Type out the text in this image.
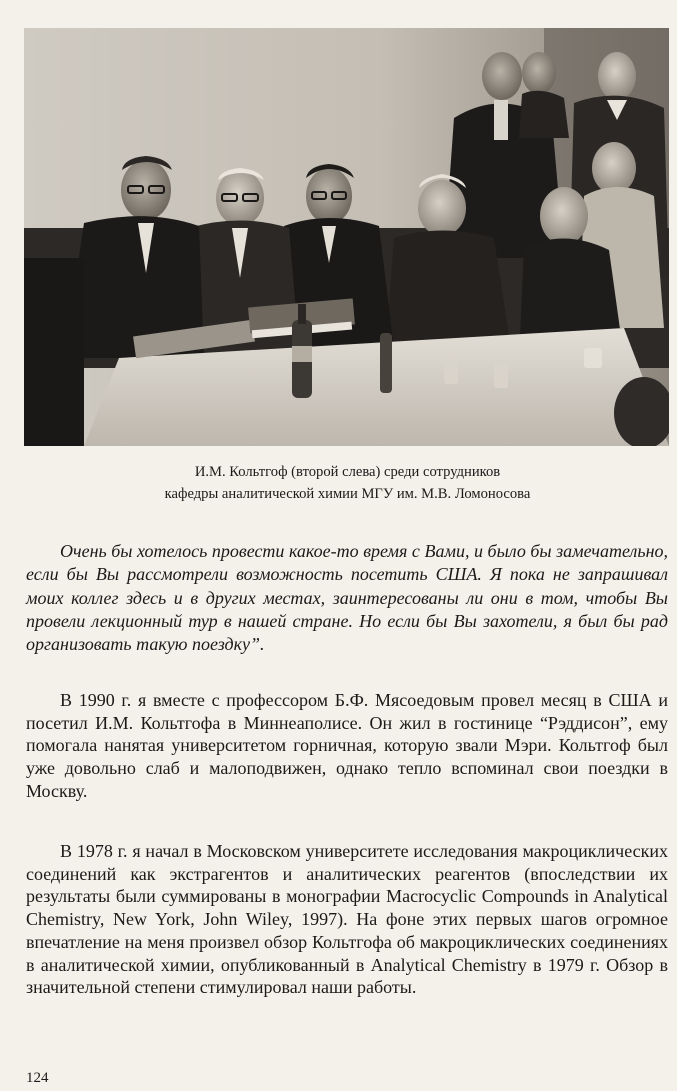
И.М. Кольтгоф (второй слева) среди сотрудников
кафедры аналитической химии МГУ им. М.В. Ломоносова

Очень бы хотелось провести какое-то время с Вами, и было бы замечательно, если бы Вы рассмотрели возможность посетить США. Я пока не запрашивал моих коллег здесь и в других местах, заинтересованы ли они в том, чтобы Вы провели лекционный тур в нашей стране. Но если бы Вы захотели, я был бы рад организовать такую поездку”.

В 1990 г. я вместе с профессором Б.Ф. Мясоедовым провел месяц в США и посетил И.М. Кольтгофа в Миннеаполисе. Он жил в гостинице “Рэддисон”, ему помогала нанятая университетом горничная, которую звали Мэри. Кольтгоф был уже довольно слаб и малоподвижен, однако тепло вспоминал свои поездки в Москву.

В 1978 г. я начал в Московском университете исследования макроциклических соединений как экстрагентов и аналитических реагентов (впоследствии их результаты были суммированы в монографии Macrocyclic Compounds in Analytical Chemistry, New York, John Wiley, 1997). На фоне этих первых шагов огромное впечатление на меня произвел обзор Кольтгофа об макроциклических соединениях в аналитической химии, опубликованный в Analytical Chemistry в 1979 г. Обзор в значительной степени стимулировал наши работы.

124
